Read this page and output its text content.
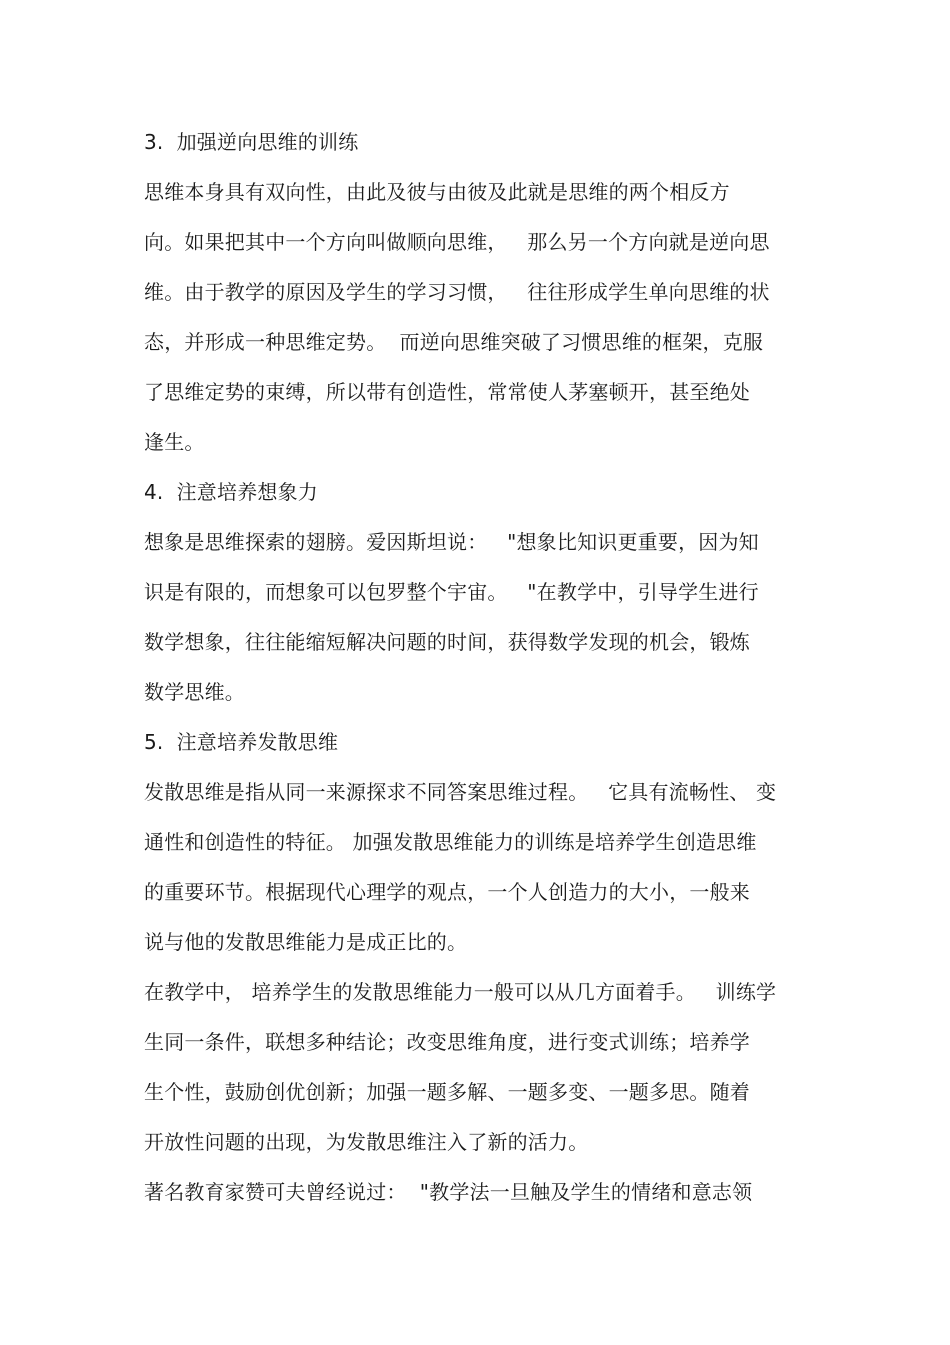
3.  加强逆向思维的训练
思维本身具有双向性，由此及彼与由彼及此就是思维的两个相反方
向。如果把其中一个方向叫做顺向思维，   那么另一个方向就是逆向思
维。由于教学的原因及学生的学习习惯，   往往形成学生单向思维的状
态，并形成一种思维定势。  而逆向思维突破了习惯思维的框架，克服
了思维定势的束缚，所以带有创造性，常常使人茅塞顿开，甚至绝处
逢生。
4.  注意培养想象力
想象是思维探索的翅膀。爱因斯坦说：   "想象比知识更重要，因为知
识是有限的，而想象可以包罗整个宇宙。   "在教学中，引导学生进行
数学想象，往往能缩短解决问题的时间，获得数学发现的机会，锻炼
数学思维。
5.  注意培养发散思维
发散思维是指从同一来源探求不同答案思维过程。   它具有流畅性、 变
通性和创造性的特征。 加强发散思维能力的训练是培养学生创造思维
的重要环节。根据现代心理学的观点，一个人创造力的大小，一般来
说与他的发散思维能力是成正比的。
在教学中， 培养学生的发散思维能力一般可以从几方面着手。   训练学
生同一条件，联想多种结论；改变思维角度，进行变式训练；培养学
生个性，鼓励创优创新；加强一题多解、一题多变、一题多思。随着
开放性问题的出现，为发散思维注入了新的活力。
著名教育家赞可夫曾经说过：  "教学法一旦触及学生的情绪和意志领
